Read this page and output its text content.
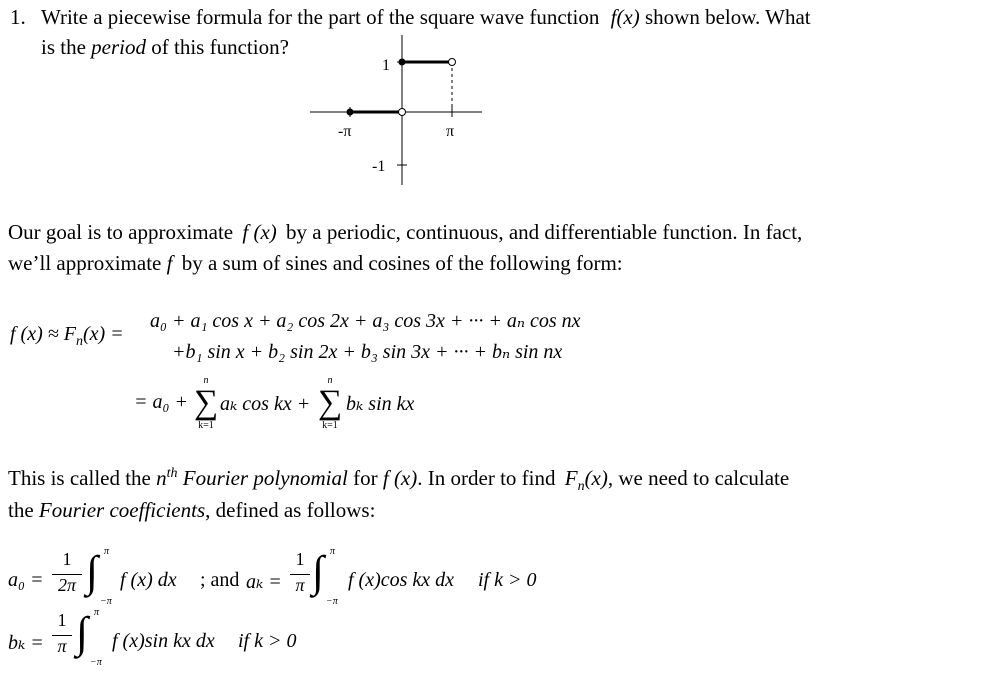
1. Write a piecewise formula for the part of the square wave function f(x) shown below. What
is the period of this function?
1
-1
-π	π
Our goal is to approximate f (x) by a periodic, continuous, and differentiable function. In fact,
we’ll approximate f by a sum of sines and cosines of the following form:
f $(x) \approx F_n(x)$ =
a₀ + a₁ cos x + a₂ cos 2x + a₃ cos 3x + ··· + aₙ cos nx
+b₁ sin x + b₂ sin 2x + b₃ sin 3x + ··· + bₙ sin nx
= a₀ +
n
∑
k=1
aₖ cos kx +
n
∑
k=1
bₖ sin kx
This is called the $n^{th}$ Fourier polynomial for f (x). In order to find $F_n(x)$, we need to calculate
the Fourier coefficients, defined as follows:
a₀ =
1
2π ∫ π
−π
f (x) dx ; and aₖ =
1
π ∫ π
−π
f (x)cos kx dx if k > 0
bₖ =
1
π ∫ π
−π
f (x)sin kx dx if k > 0
